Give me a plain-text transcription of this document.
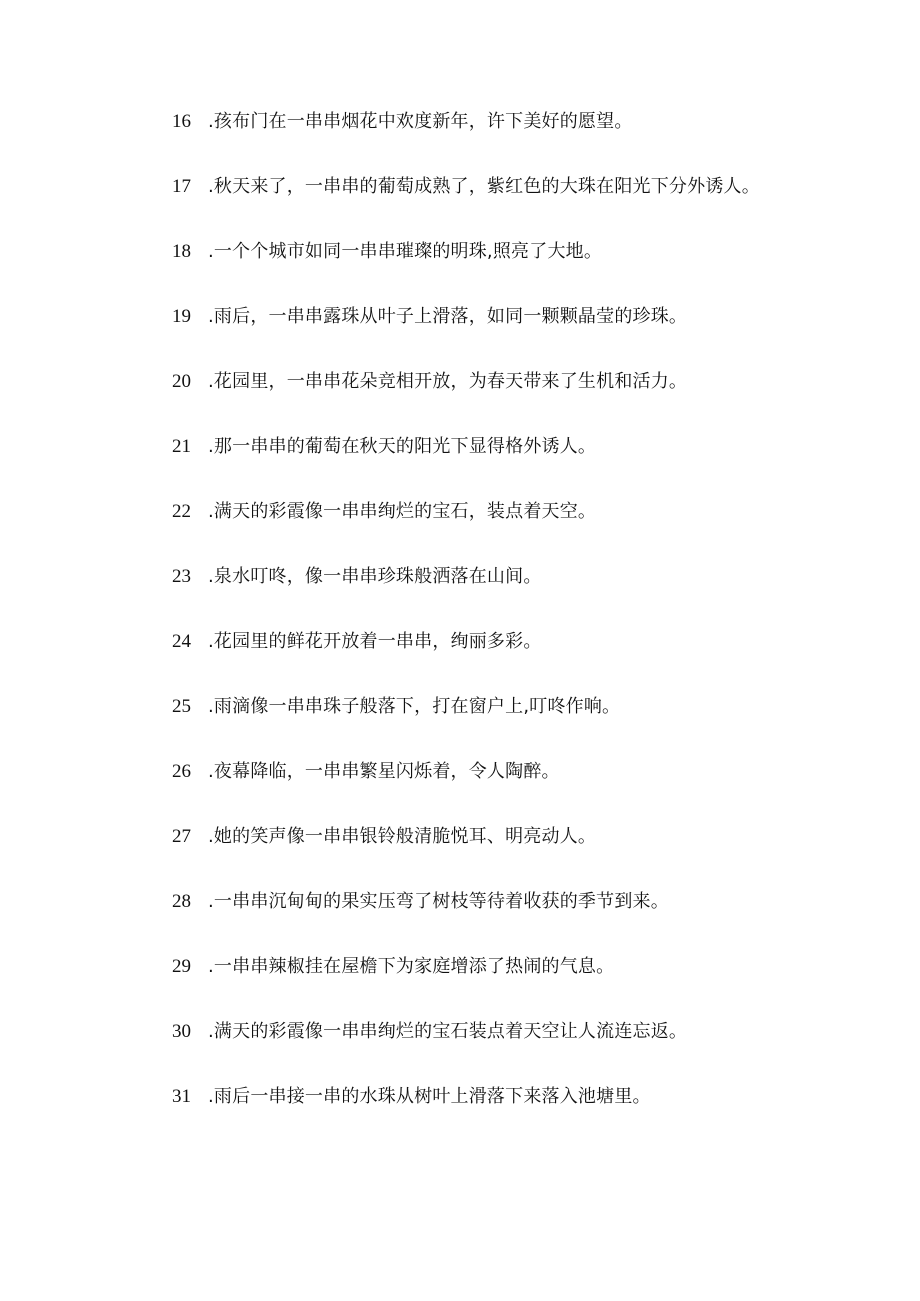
16 .孩布门在一串串烟花中欢度新年，许下美好的愿望。
17 .秋天来了，一串串的葡萄成熟了，紫红色的大珠在阳光下分外诱人。
18 .一个个城市如同一串串璀璨的明珠,照亮了大地。
19 .雨后，一串串露珠从叶子上滑落，如同一颗颗晶莹的珍珠。
20 .花园里，一串串花朵竞相开放，为春天带来了生机和活力。
21 .那一串串的葡萄在秋天的阳光下显得格外诱人。
22 .满天的彩霞像一串串绚烂的宝石，装点着天空。
23 .泉水叮咚，像一串串珍珠般洒落在山间。
24 .花园里的鲜花开放着一串串，绚丽多彩。
25 .雨滴像一串串珠子般落下，打在窗户上,叮咚作响。
26 .夜幕降临，一串串繁星闪烁着，令人陶醉。
27 .她的笑声像一串串银铃般清脆悦耳、明亮动人。
28 .一串串沉甸甸的果实压弯了树枝等待着收获的季节到来。
29 .一串串辣椒挂在屋檐下为家庭增添了热闹的气息。
30 .满天的彩霞像一串串绚烂的宝石装点着天空让人流连忘返。
31 .雨后一串接一串的水珠从树叶上滑落下来落入池塘里。
